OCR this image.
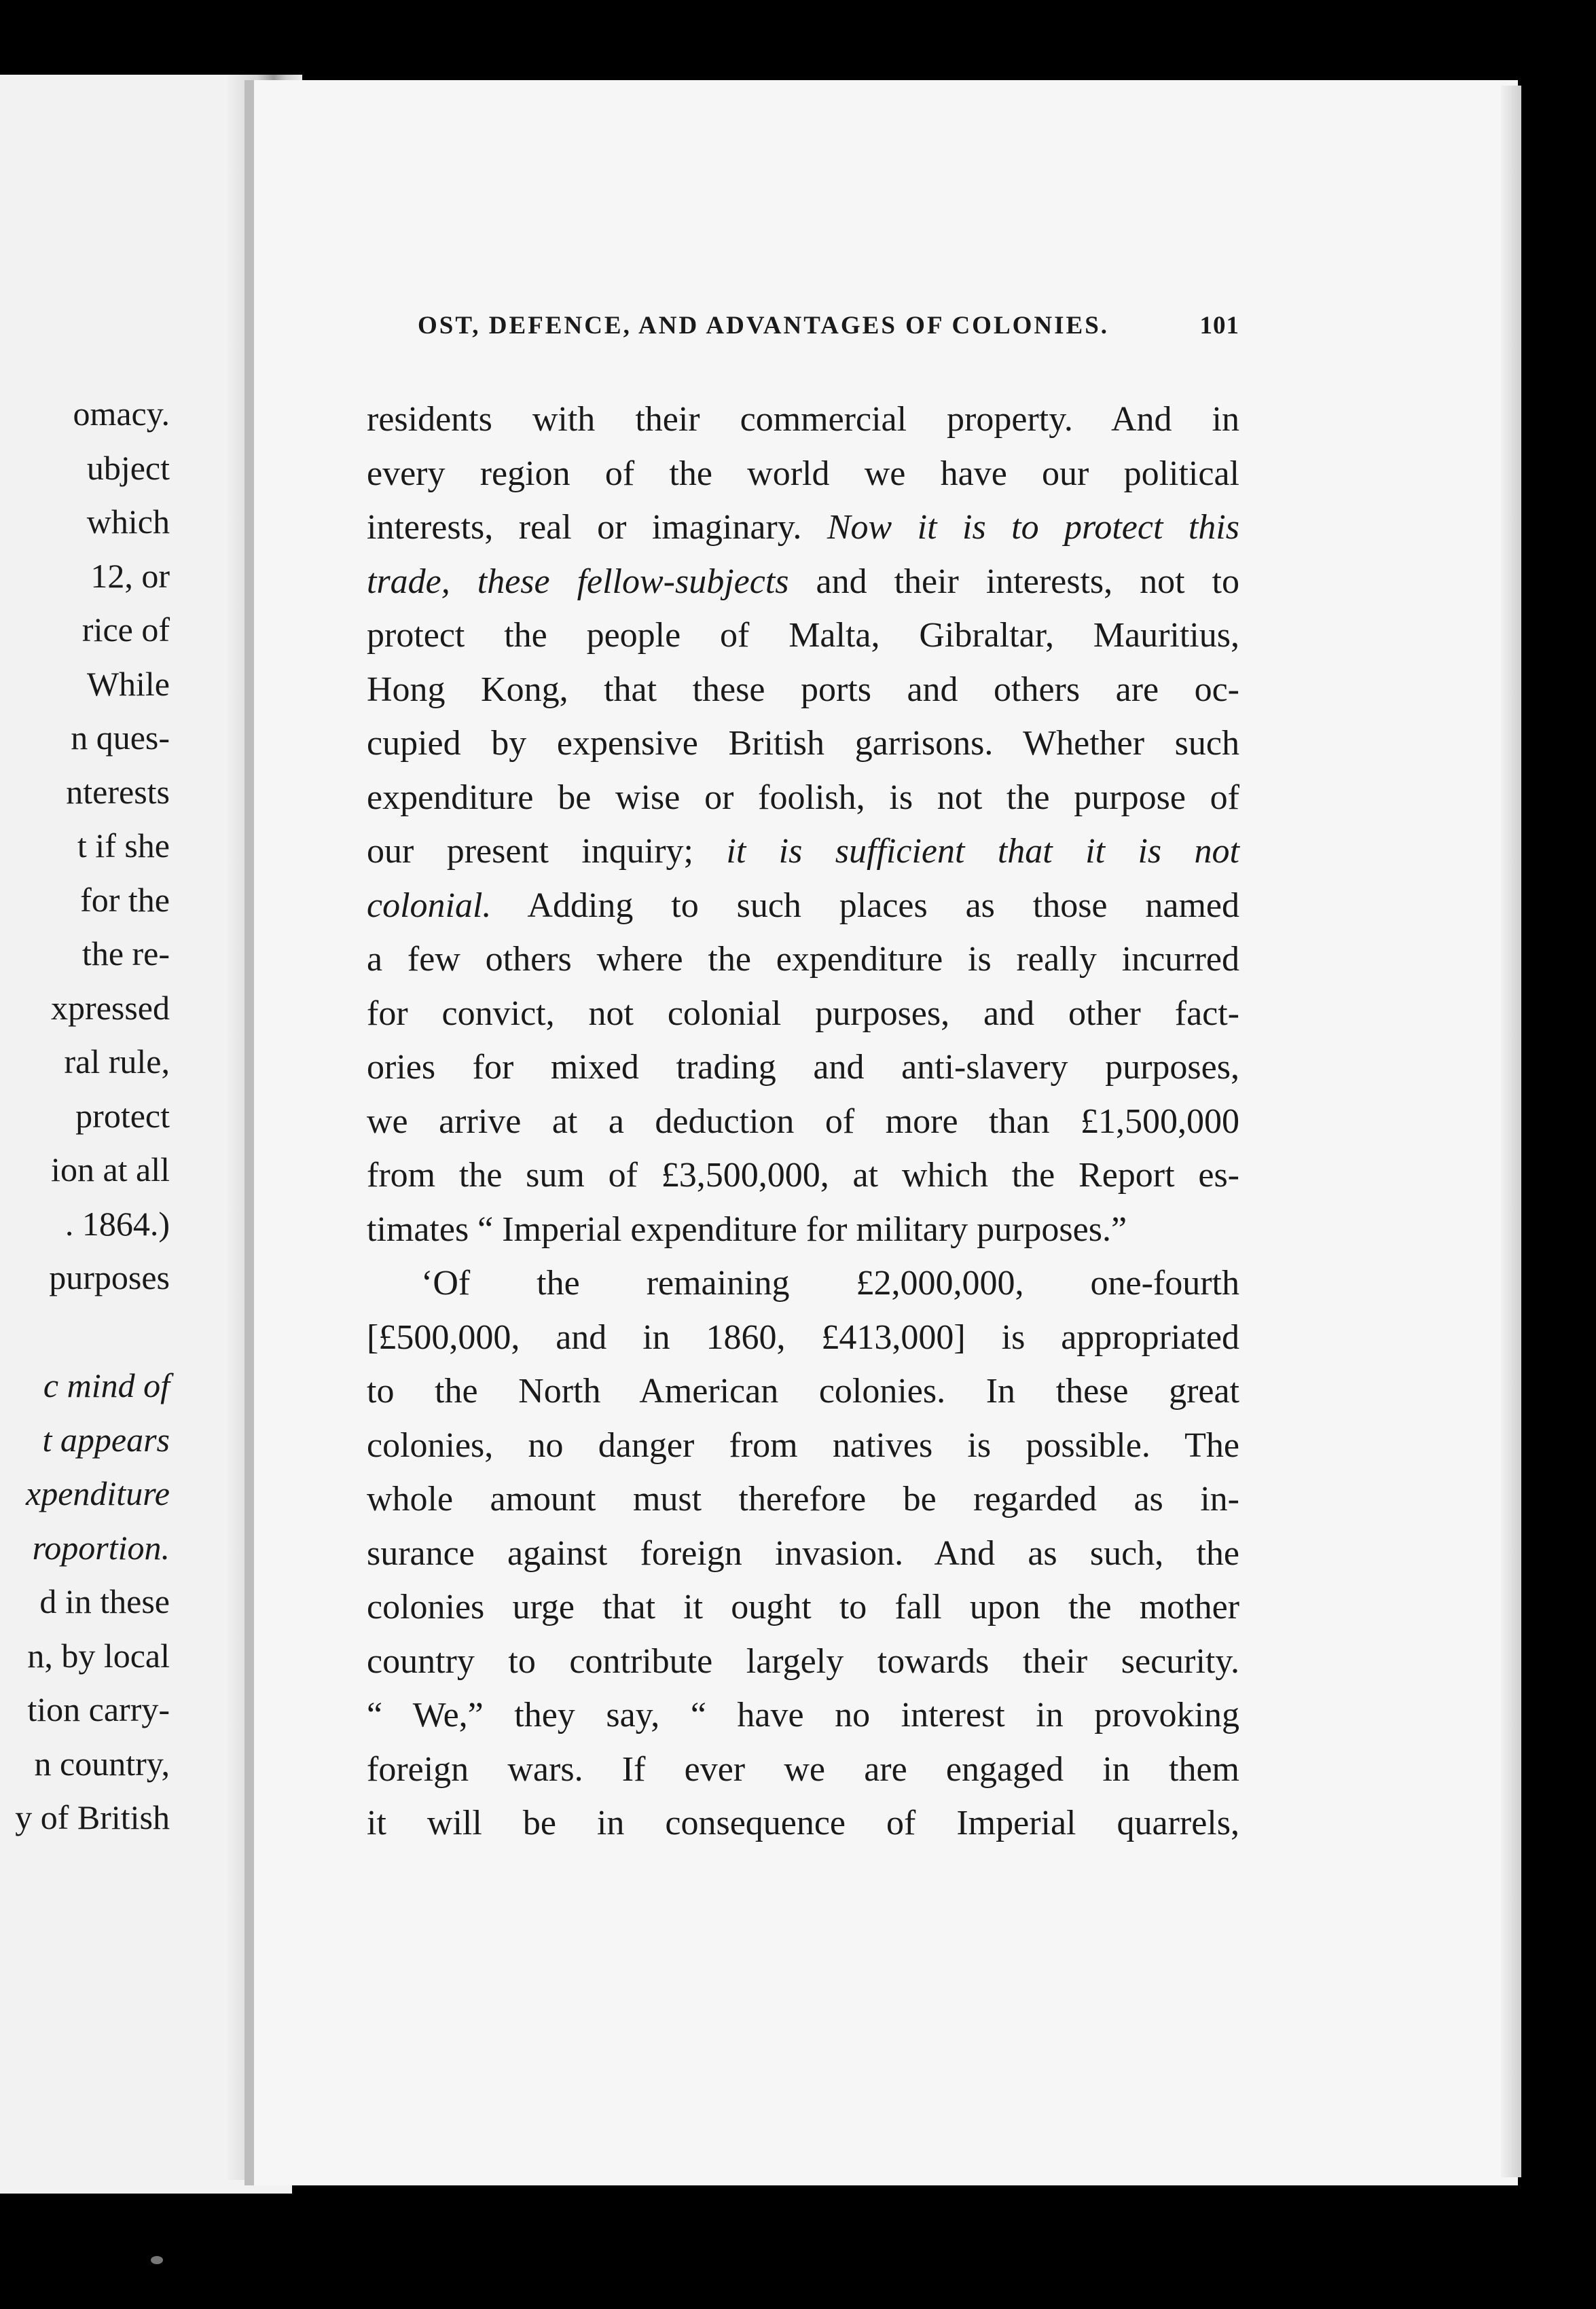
omacy.
ubject
which
12, or
rice of
While
n ques-
nterests
t if she
for the
the re-
xpressed
ral rule,
protect
ion at all
. 1864.)
purposes
c mind of
t appears
xpenditure
roportion.
d in these
n, by local
tion carry-
n country,
y of British
OST, DEFENCE, AND ADVANTAGES OF COLONIES.	101
residents with their commercial property. And in
every region of the world we have our political
interests, real or imaginary. Now it is to protect this
trade, these fellow-subjects and their interests, not to
protect the people of Malta, Gibraltar, Mauritius,
Hong Kong, that these ports and others are oc-
cupied by expensive British garrisons. Whether such
expenditure be wise or foolish, is not the purpose of
our present inquiry; it is sufficient that it is not
colonial. Adding to such places as those named
a few others where the expenditure is really incurred
for convict, not colonial purposes, and other fact-
ories for mixed trading and anti-slavery purposes,
we arrive at a deduction of more than £1,500,000
from the sum of £3,500,000, at which the Report es-
timates “ Imperial expenditure for military purposes.”
‘Of the remaining £2,000,000, one-fourth
[£500,000, and in 1860, £413,000] is appropriated
to the North American colonies. In these great
colonies, no danger from natives is possible. The
whole amount must therefore be regarded as in-
surance against foreign invasion. And as such, the
colonies urge that it ought to fall upon the mother
country to contribute largely towards their security.
“ We,” they say, “ have no interest in provoking
foreign wars. If ever we are engaged in them
it will be in consequence of Imperial quarrels,
